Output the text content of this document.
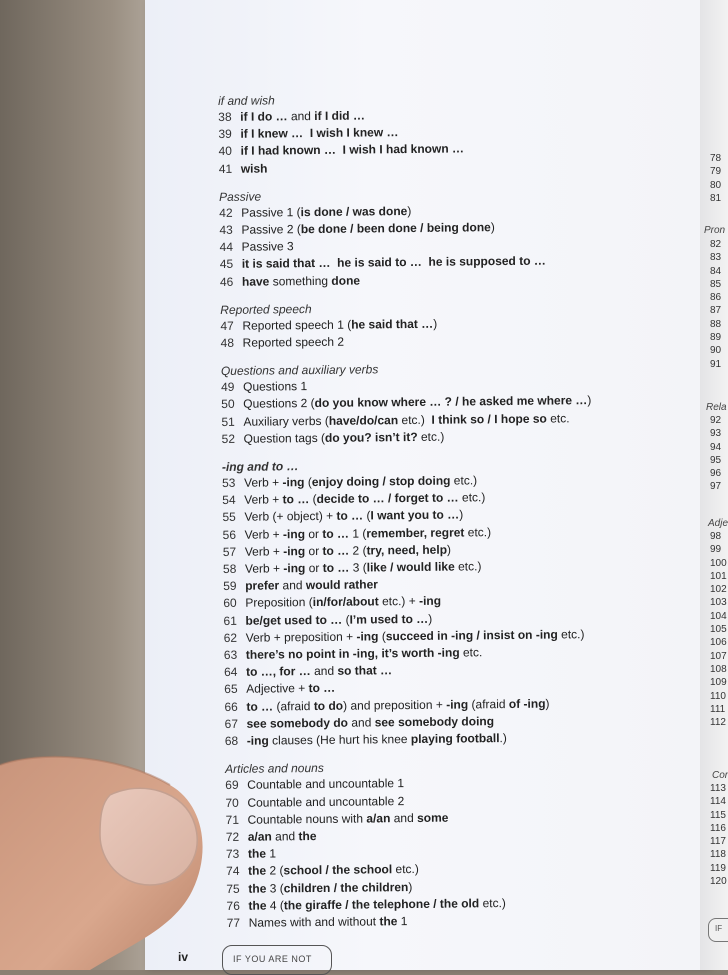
78
79
80
81
Pron
82
83
84
85
86
87
88
89
90
91
Rela
92
93
94
95
96
97
Adje
98
99
100
101
102
103
104
105
106
107
108
109
110
111
112
Cor
113
114
115
116
117
118
119
120
if and wish
38 if I do … and if I did …
39 if I knew … I wish I knew …
40 if I had known … I wish I had known …
41 wish
Passive
42 Passive 1 (is done / was done)
43 Passive 2 (be done / been done / being done)
44 Passive 3
45 it is said that … he is said to … he is supposed to …
46 have something done
Reported speech
47 Reported speech 1 (he said that …)
48 Reported speech 2
Questions and auxiliary verbs
49 Questions 1
50 Questions 2 (do you know where … ? / he asked me where …)
51 Auxiliary verbs (have/do/can etc.)  I think so / I hope so etc.
52 Question tags (do you? isn’t it? etc.)
-ing and to …
53 Verb + -ing (enjoy doing / stop doing etc.)
54 Verb + to … (decide to … / forget to … etc.)
55 Verb (+ object) + to … (I want you to …)
56 Verb + -ing or to … 1 (remember, regret etc.)
57 Verb + -ing or to … 2 (try, need, help)
58 Verb + -ing or to … 3 (like / would like etc.)
59 prefer and would rather
60 Preposition (in/for/about etc.) + -ing
61 be/get used to … (I’m used to …)
62 Verb + preposition + -ing (succeed in -ing / insist on -ing etc.)
63 there’s no point in -ing, it’s worth -ing etc.
64 to …, for … and so that …
65 Adjective + to …
66 to … (afraid to do) and preposition + -ing (afraid of -ing)
67 see somebody do and see somebody doing
68 -ing clauses (He hurt his knee playing football.)
Articles and nouns
69 Countable and uncountable 1
70 Countable and uncountable 2
71 Countable nouns with a/an and some
72 a/an and the
73 the 1
74 the 2 (school / the school etc.)
75 the 3 (children / the children)
76 the 4 (the giraffe / the telephone / the old etc.)
77 Names with and without the 1
iv	IF YOU ARE NOT
IF
